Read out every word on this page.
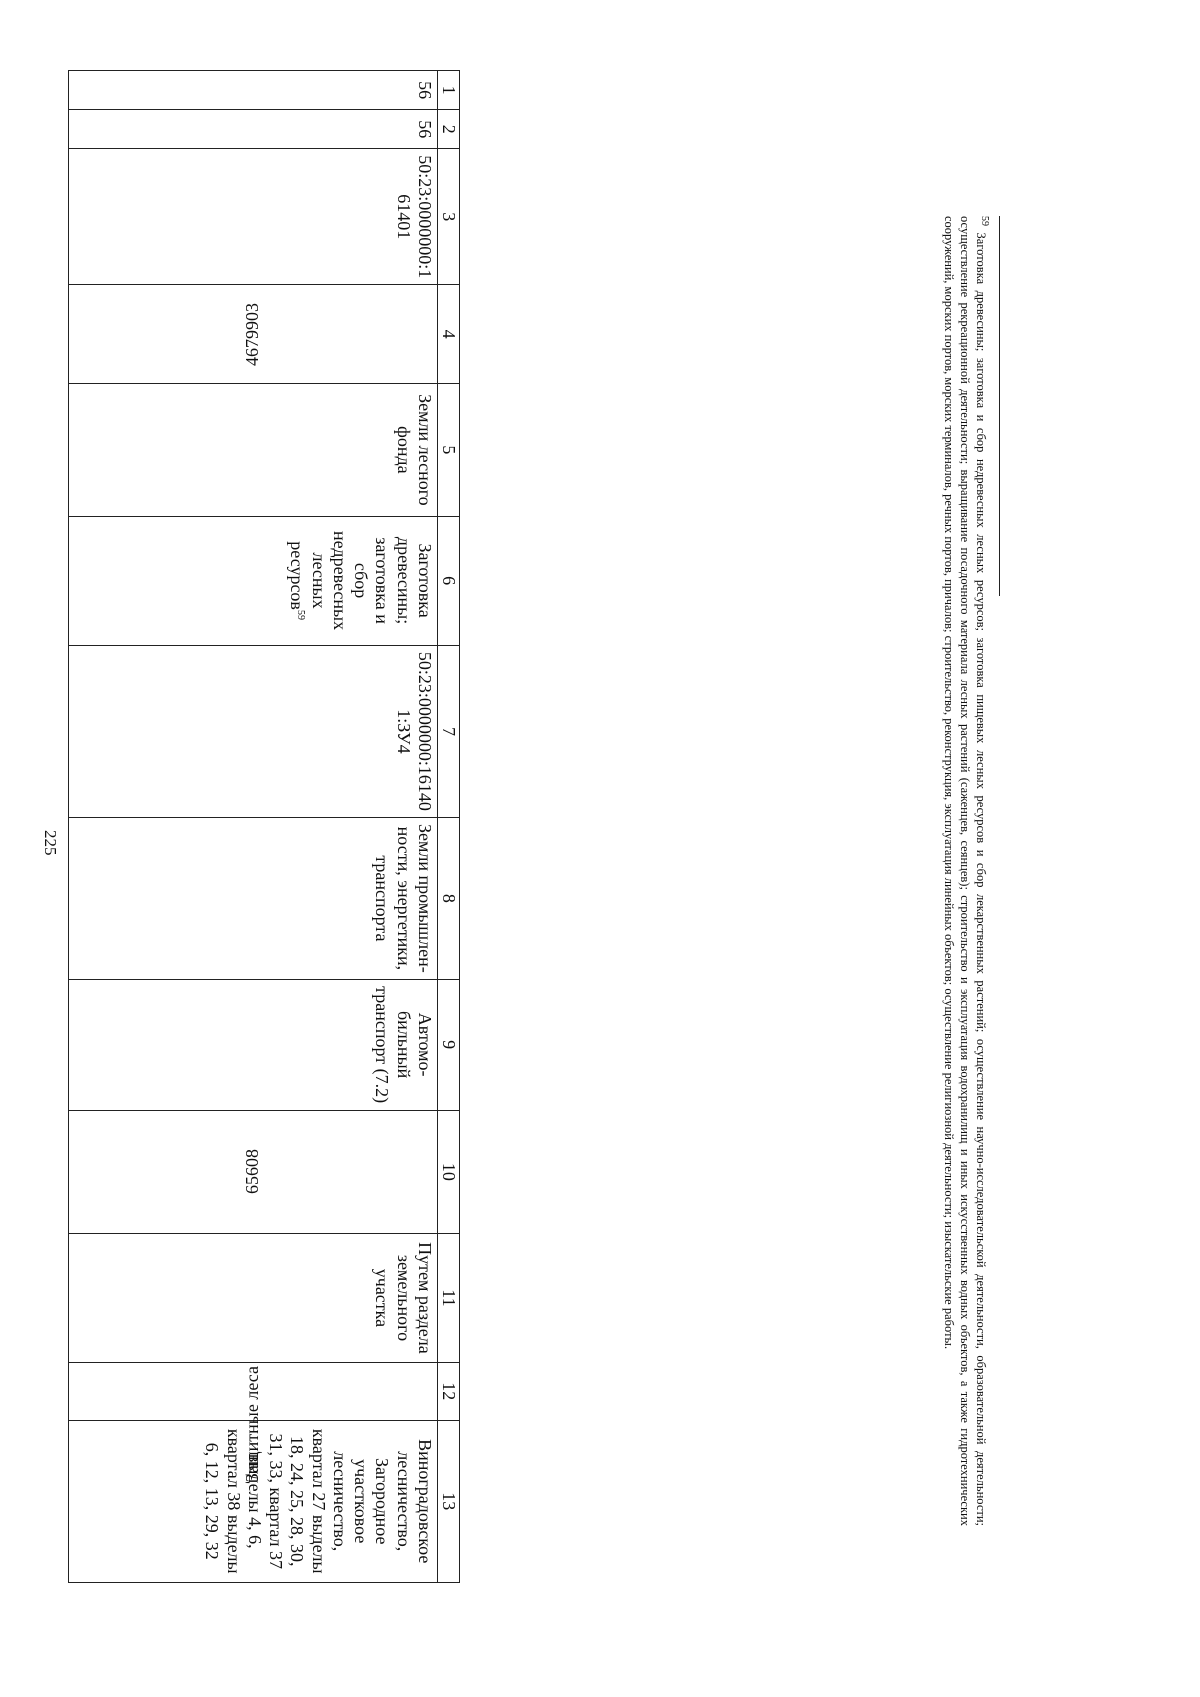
225
1	2	3	4	5	6	7	8	9	10	11	12	13
56	56	50:23:0000000:161401	4679903	Земли лесного фонда	Заготовка древесины; заготовка и сбор недревесных лесных ресурсов$^{59}$	50:23:0000000:161401:ЗУ4	Земли промышлен-ности, энергетики, транспорта	Автомо-бильный транспорт (7.2)	65608	Путем раздела земельного участка	Защитные леса	Виноградовское лесничество, Загородное участковое лесничество, квартал 27 выделы 18, 24, 25, 28, 30, 31, 33, квартал 37 выделы 4, 6, квартал 38 выделы 6, 12, 13, 29, 32
$^{59}$ Заготовка древесины; заготовка и сбор недревесных лесных ресурсов; заготовка пищевых лесных ресурсов и сбор лекарственных растений; осуществление научно-исследовательской деятельности, образовательной деятельности; осуществление рекреационной деятельности; выращивание посадочного материала лесных растений (саженцев, сеянцев); строительство и эксплуатация водохранилищ и иных искусственных водных объектов, а также гидротехнических сооружений, морских портов, морских терминалов, речных портов, причалов; строительство, реконструкция, эксплуатация линейных объектов; осуществление религиозной деятельности; изыскательские работы.
